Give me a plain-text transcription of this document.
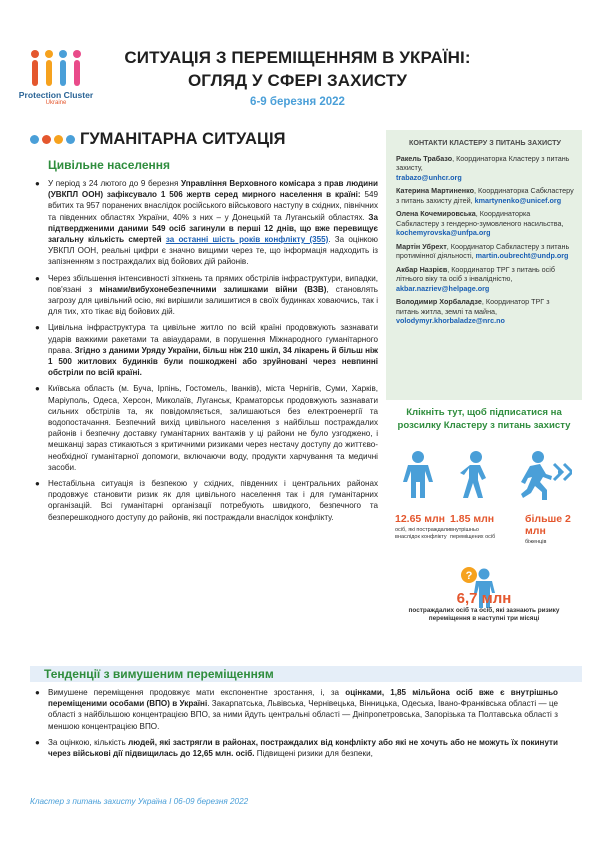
Protection Cluster
Ukraine
СИТУАЦІЯ З ПЕРЕМІЩЕННЯМ В УКРАЇНІ:
ОГЛЯД У СФЕРІ ЗАХИСТУ
6-9 березня 2022
ГУМАНІТАРНА СИТУАЦІЯ
Цивільне населення
●	У період з 24 лютого до 9 березня Управління Верховного комісара з прав людини (УВКПЛ ООН) зафіксувало 1 506 жертв серед мирного населення в країні: 549 вбитих та 957 поранених внаслідок російського військового наступу в східних, північних та південних областях України, 40% з них – у Донецькій та Луганській областях. За підтвердженими даними 549 осіб загинули в перші 12 днів, що вже перевищує загальну кількість смертей за останні шість років конфлікту (355). За оцінкою УВКПЛ ООН, реальні цифри є значно вищими через те, що інформація надходить із запізненням з постраждалих від бойових дій районів.

●	Через збільшення інтенсивності зіткнень та прямих обстрілів інфраструктури, випадки, пов'язані з мінами/вибухонебезпечними залишками війни (ВЗВ), становлять загрозу для цивільний осію, які вирішили залишитися в своїх будинках ховаючись, так і для тих, хто тікає від бойових дій.

●	Цивільна інфраструктура та цивільне житло по всій країні продовжують зазнавати ударів важкими ракетами та авіаударами, в порушення Міжнародного гуманітарного права. Згідно з даними Уряду України, більш ніж 210 шкіл, 34 лікарень й більш ніж 1 500 житлових будинків були пошкоджені або зруйновані через невпинні обстріли по всій країні.

●	Київська область (м. Буча, Ірпінь, Гостомель, Іванків), міста Чернігів, Суми, Харків, Маріуполь, Одеса, Херсон, Миколаїв, Луганськ, Краматорськ продовжують зазнавати сильних обстрілів та, як повідомляється, залишаються без електроенергії та водопостачання. Безпечний вихід цивільного населення з найбільш постраждалих районів і безпечну доставку гуманітарних вантажів у ці райони не було узгоджено, і мешканці зараз стикаються з критичними ризиками через нестачу доступу до життєво-необхідної гуманітарної допомоги, включаючи воду, продукти харчування та медичні засоби.

●	Нестабільна ситуація із безпекою у східних, південних і центральних районах продовжує становити ризик як для цивільного населення так і для гуманітарних організацій. Всі гуманітарні організації потребують швидкого, безпечного та безперешкодного доступу до районів, які постраждали внаслідок конфлікту.

Тенденції з вимушеним переміщенням
●	Вимушене переміщення продовжує мати експонентне зростання, і, за оцінками, 1,85 мільйона осіб вже є внутрішньо переміщеними особами (ВПО) в Україні. Закарпатська, Львівська, Чернівецька, Вінницька, Одеська, Івано-Франківська області — це області з найбільшою концентрацією ВПО, за ними йдуть центральні області — Дніпропетровська, Запорізька та Полтавська області з меншою концентрацією ВПО.

●	За оцінкою, кількість людей, які застрягли в районах, постраждалих від конфлікту або які не хочуть або не можуть їх покинути через військові дії підвищилась до 12,65 млн. осіб. Підвищені ризики для безпеки,

КОНТАКТИ КЛАСТЕРУ З ПИТАНЬ ЗАХИСТУ
Ракель Трабазо, Координаторка Кластеру з питань захисту,
trabazo@unhcr.org
Катерина Мартиненко, Координаторка Сабкластеру з питань захисту дітей, kmartynenko@unicef.org
Олена Кочемировська, Координаторка Сабкластеру з гендерно-зумовленого насильства, kochemyrovska@unfpa.org
Мартін Убрехт, Координатор Сабкластеру з питань протимінної діяльності, martin.oubrecht@undp.org
Акбар Назрієв, Координатор ТРГ з питань осіб літнього віку та осіб з інвалідністю,
akbar.nazriev@helpage.org
Володимир Хорбаладзе, Координатор ТРГ з питань житла, землі та майна, volodymyr.khorbaladze@nrc.no
Клікніть тут, щоб підписатися на розсилку Кластеру з питань захисту
12.65 млн
осіб, які постраждали внаслідок конфлікту
1.85 млн
внутрішньо переміщених осіб
більше 2 млн
біженців
?
6,7 млн
постраждалих осіб та осіб, які зазнають ризику переміщення в наступні три місяці
Кластер з питань захисту Україна I 06-09 березня 2022
